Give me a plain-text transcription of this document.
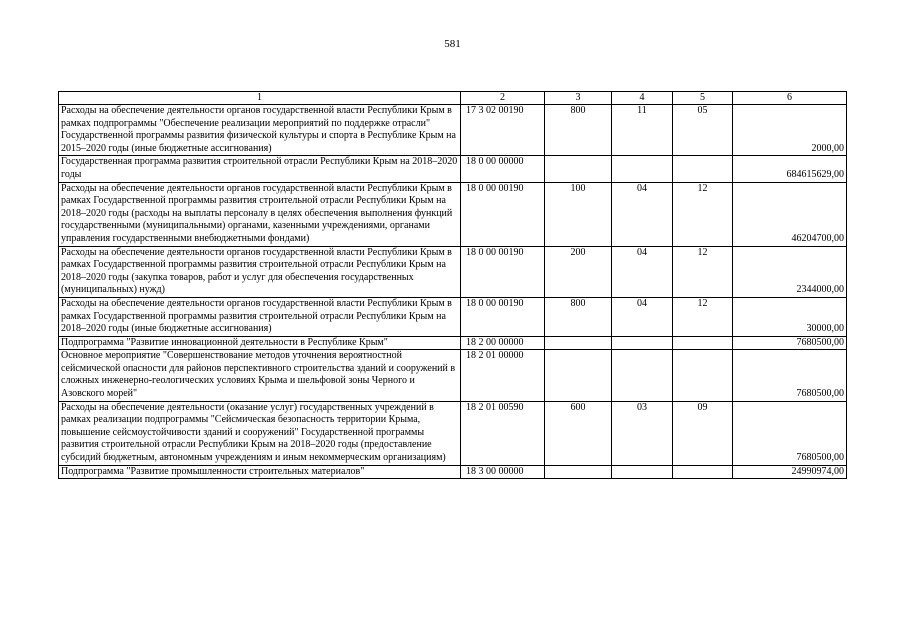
581
1	2	3	4	5	6
Расходы на обеспечение деятельности органов государственной власти Республики Крым в рамках подпрограммы "Обеспечение реализации мероприятий по поддержке отрасли" Государственной программы развития физической культуры и спорта в Республике Крым на 2015–2020 годы (иные бюджетные ассигнования)	17 3 02 00190	800	11	05	2000,00
Государственная программа развития строительной отрасли Республики Крым на 2018–2020 годы	18 0 00 00000				684615629,00
Расходы на обеспечение деятельности органов государственной власти Республики Крым в рамках Государственной программы развития строительной отрасли Республики Крым на 2018–2020 годы (расходы на выплаты персоналу в целях обеспечения выполнения функций государственными (муниципальными) органами, казенными учреждениями, органами управления государственными внебюджетными фондами)	18 0 00 00190	100	04	12	46204700,00
Расходы на обеспечение деятельности органов государственной власти Республики Крым в рамках Государственной программы развития строительной отрасли Республики Крым на 2018–2020 годы (закупка товаров, работ и услуг для обеспечения государственных (муниципальных) нужд)	18 0 00 00190	200	04	12	2344000,00
Расходы на обеспечение деятельности органов государственной власти Республики Крым в рамках Государственной программы развития строительной отрасли Республики Крым на 2018–2020 годы (иные бюджетные ассигнования)	18 0 00 00190	800	04	12	30000,00
Подпрограмма "Развитие инновационной деятельности в Республике Крым"	18 2 00 00000				7680500,00
Основное мероприятие "Совершенствование методов уточнения вероятностной сейсмической опасности для районов перспективного строительства зданий и сооружений в сложных инженерно-геологических условиях Крыма и шельфовой зоны Черного и Азовского морей"	18 2 01 00000				7680500,00
Расходы на обеспечение деятельности (оказание услуг) государственных учреждений в рамках реализации подпрограммы "Сейсмическая безопасность территории Крыма, повышение сейсмоустойчивости зданий и сооружений" Государственной программы развития строительной отрасли Республики Крым на 2018–2020 годы (предоставление субсидий бюджетным, автономным учреждениям и иным некоммерческим организациям)	18 2 01 00590	600	03	09	7680500,00
Подпрограмма "Развитие промышленности строительных материалов"	18 3 00 00000				24990974,00
